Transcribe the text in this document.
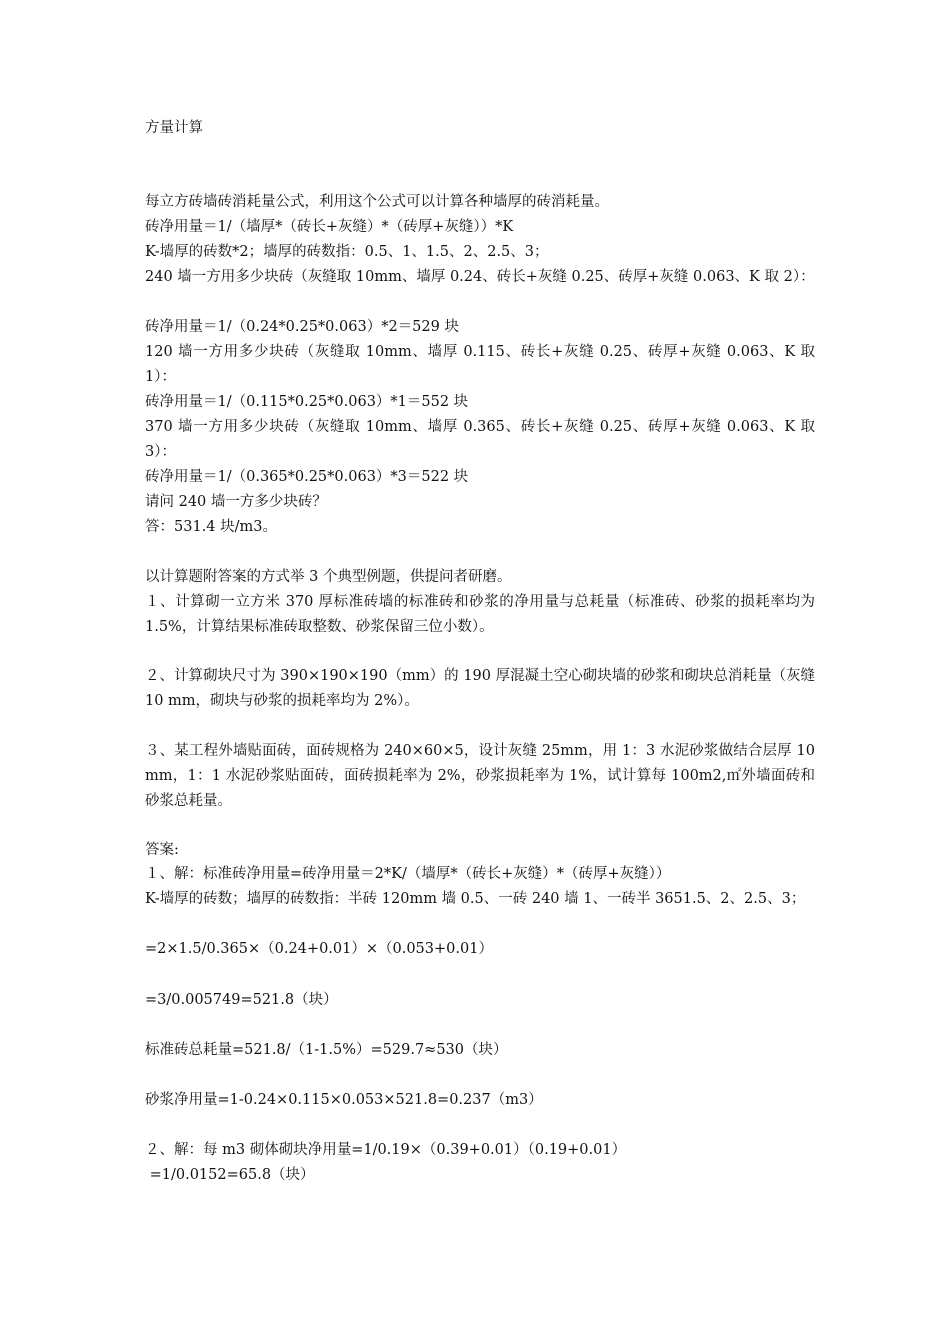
方量计算
每立方砖墙砖消耗量公式，利用这个公式可以计算各种墙厚的砖消耗量。
砖净用量＝1/（墙厚*（砖长+灰缝）*（砖厚+灰缝））*K
K-墙厚的砖数*2；墙厚的砖数指：0.5、1、1.5、2、2.5、3；
240 墙一方用多少块砖（灰缝取 10mm、墙厚 0.24、砖长+灰缝 0.25、砖厚+灰缝 0.063、K 取 2）：
砖净用量＝1/（0.24*0.25*0.063）*2＝529 块
120 墙一方用多少块砖（灰缝取 10mm、墙厚 0.115、砖长+灰缝 0.25、砖厚+灰缝 0.063、K 取 1）：
砖净用量＝1/（0.115*0.25*0.063）*1＝552 块
370 墙一方用多少块砖（灰缝取 10mm、墙厚 0.365、砖长+灰缝 0.25、砖厚+灰缝 0.063、K 取 3）：
砖净用量＝1/（0.365*0.25*0.063）*3＝522 块
请问 240 墙一方多少块砖？
答：531.4 块/m3。
以计算题附答案的方式举 3 个典型例题，供提问者研磨。
１、计算砌一立方米 370 厚标准砖墙的标准砖和砂浆的净用量与总耗量（标准砖、砂浆的损耗率均为 1.5%，计算结果标准砖取整数、砂浆保留三位小数）。
２、计算砌块尺寸为 390×190×190（mm）的 190 厚混凝土空心砌块墙的砂浆和砌块总消耗量（灰缝 10 mm，砌块与砂浆的损耗率均为 2%）。
３、某工程外墙贴面砖，面砖规格为 240×60×5，设计灰缝 25mm，用 1：3 水泥砂浆做结合层厚 10 mm，1：1 水泥砂浆贴面砖，面砖损耗率为 2%，砂浆损耗率为 1%，试计算每 100m2,㎡外墙面砖和砂浆总耗量。
答案:
１、解：标准砖净用量=砖净用量＝2*K/（墙厚*（砖长+灰缝）*（砖厚+灰缝））
K-墙厚的砖数；墙厚的砖数指：半砖 120mm 墙 0.5、一砖 240 墙 1、一砖半 3651.5、2、2.5、3；
=2×1.5/0.365×（0.24+0.01）×（0.053+0.01）
=3/0.005749=521.8（块）
标准砖总耗量=521.8/（1-1.5%）=529.7≈530（块）
砂浆净用量=1-0.24×0.115×0.053×521.8=0.237（m3）
２、解：每 m3 砌体砌块净用量=1/0.19×（0.39+0.01）（0.19+0.01）
=1/0.0152=65.8（块）
